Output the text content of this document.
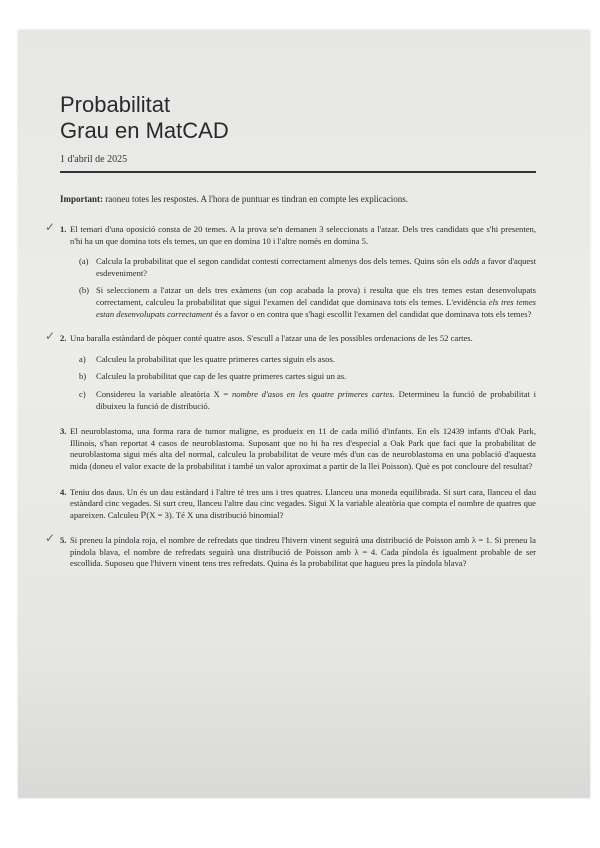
Probabilitat
Grau en MatCAD
1 d'abril de 2025
Important: raoneu totes les respostes. A l'hora de puntuar es tindran en compte les explicacions.
✓ 1. El temari d'una oposició consta de 20 temes. A la prova se'n demanen 3 seleccionats a l'atzar. Dels tres candidats que s'hi presenten, n'hi ha un que domina tots els temes, un que en domina 10 i l'altre només en domina 5.
(a) Calcula la probabilitat que el segon candidat contesti correctament almenys dos dels temes. Quins són els odds a favor d'aquest esdeveniment?
(b) Si seleccionem a l'atzar un dels tres exàmens (un cop acabada la prova) i resulta que els tres temes estan desenvolupats correctament, calculeu la probabilitat que sigui l'examen del candidat que dominava tots els temes. L'evidència els tres temes estan desenvolupats correctament és a favor o en contra que s'hagi escollit l'examen del candidat que dominava tots els temes?
✓ 2. Una baralla estàndard de pòquer conté quatre asos. S'escull a l'atzar una de les possibles ordenacions de les 52 cartes.
a) Calculeu la probabilitat que les quatre primeres cartes siguin els asos.
b) Calculeu la probabilitat que cap de les quatre primeres cartes sigui un as.
c) Considereu la variable aleatòria X = nombre d'asos en les quatre primeres cartes. Determineu la funció de probabilitat i dibuixeu la funció de distribució.
3. El neuroblastoma, una forma rara de tumor maligne, es produeix en 11 de cada milió d'infants. En els 12439 infants d'Oak Park, Illinois, s'han reportat 4 casos de neuroblastoma. Suposant que no hi ha res d'especial a Oak Park que faci que la probabilitat de neuroblastoma sigui més alta del normal, calculeu la probabilitat de veure més d'un cas de neuroblastoma en una població d'aquesta mida (doneu el valor exacte de la probabilitat i també un valor aproximat a partir de la llei Poisson). Què es pot concloure del resultat?
4. Teniu dos daus. Un és un dau estàndard i l'altre té tres uns i tres quatres. Llanceu una moneda equilibrada. Si surt cara, llanceu el dau estàndard cinc vegades. Si surt creu, llanceu l'altre dau cinc vegades. Sigui X la variable aleatòria que compta el nombre de quatres que apareixen. Calculeu ℙ(X = 3). Té X una distribució binomial?
✓ 5. Si preneu la píndola roja, el nombre de refredats que tindreu l'hivern vinent seguirà una distribució de Poisson amb λ = 1. Si preneu la píndola blava, el nombre de refredats seguirà una distribució de Poisson amb λ = 4. Cada píndola és igualment probable de ser escollida. Suposeu que l'hivern vinent tens tres refredats. Quina és la probabilitat que hagueu pres la píndola blava?
